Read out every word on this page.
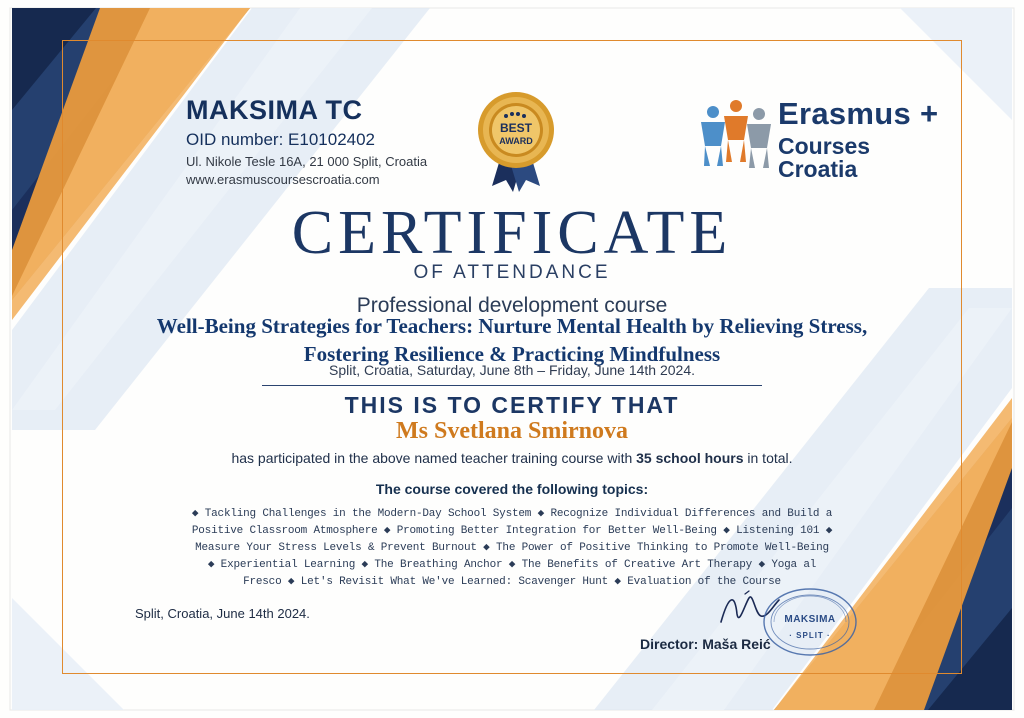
MAKSIMA TC
OID number: E10102402
Ul. Nikole Tesle 16A, 21 000 Split, Croatia
www.erasmuscoursescroatia.com
BEST
AWARD
Erasmus +
Courses Croatia
CERTIFICATE
OF ATTENDANCE
Professional development course
Well-Being Strategies for Teachers: Nurture Mental Health by Relieving Stress,
Fostering Resilience & Practicing Mindfulness
Split, Croatia, Saturday, June 8th – Friday, June 14th 2024.
THIS IS TO CERTIFY THAT
Ms Svetlana Smirnova
has participated in the above named teacher training course with 35 school hours in total.
The course covered the following topics:
◆ Tackling Challenges in the Modern-Day School System ◆ Recognize Individual Differences and Build a Positive Classroom Atmosphere ◆ Promoting Better Integration for Better Well-Being ◆ Listening 101 ◆ Measure Your Stress Levels & Prevent Burnout ◆ The Power of Positive Thinking to Promote Well-Being ◆ Experiential Learning ◆ The Breathing Anchor ◆ The Benefits of Creative Art Therapy ◆ Yoga al Fresco ◆ Let's Revisit What We've Learned: Scavenger Hunt ◆ Evaluation of the Course
Split, Croatia, June 14th 2024.	MAKSIMA
· SPLIT ·
Director: Maša Reić
